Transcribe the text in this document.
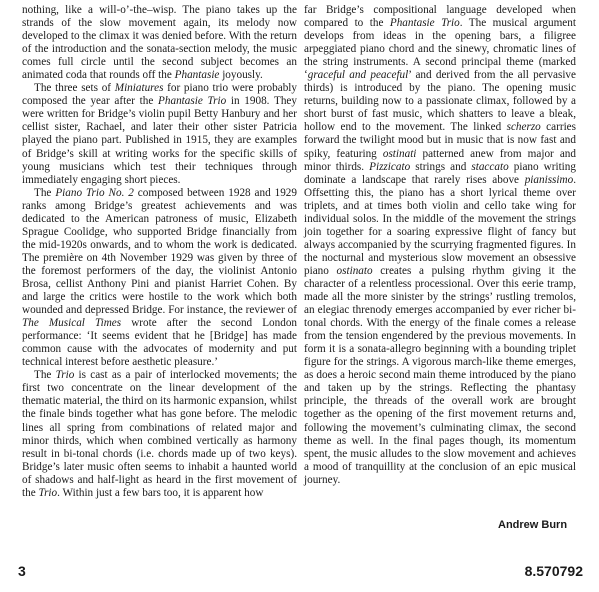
nothing, like a will-o’-the–wisp. The piano takes up the strands of the slow movement again, its melody now developed to the climax it was denied before. With the return of the introduction and the sonata-section melody, the music comes full circle until the second subject becomes an animated coda that rounds off the Phantasie joyously.

The three sets of Miniatures for piano trio were probably composed the year after the Phantasie Trio in 1908. They were written for Bridge’s violin pupil Betty Hanbury and her cellist sister, Rachael, and later their other sister Patricia played the piano part. Published in 1915, they are examples of Bridge’s skill at writing works for the specific skills of young musicians which test their techniques through immediately engaging short pieces.

The Piano Trio No. 2 composed between 1928 and 1929 ranks among Bridge’s greatest achievements and was dedicated to the American patroness of music, Elizabeth Sprague Coolidge, who supported Bridge financially from the mid-1920s onwards, and to whom the work is dedicated. The première on 4th November 1929 was given by three of the foremost performers of the day, the violinist Antonio Brosa, cellist Anthony Pini and pianist Harriet Cohen. By and large the critics were hostile to the work which both wounded and depressed Bridge. For instance, the reviewer of The Musical Times wrote after the second London performance: ‘It seems evident that he [Bridge] has made common cause with the advocates of modernity and put technical interest before aesthetic pleasure.’

The Trio is cast as a pair of interlocked movements; the first two concentrate on the linear development of the thematic material, the third on its harmonic expansion, whilst the finale binds together what has gone before. The melodic lines all spring from combinations of related major and minor thirds, which when combined vertically as harmony result in bi-tonal chords (i.e. chords made up of two keys). Bridge’s later music often seems to inhabit a haunted world of shadows and half-light as heard in the first movement of the Trio. Within just a few bars too, it is apparent how

far Bridge’s compositional language developed when compared to the Phantasie Trio. The musical argument develops from ideas in the opening bars, a filigree arpeggiated piano chord and the sinewy, chromatic lines of the string instruments. A second principal theme (marked ‘graceful and peaceful’ and derived from the all pervasive thirds) is introduced by the piano. The opening music returns, building now to a passionate climax, followed by a short burst of fast music, which shatters to leave a bleak, hollow end to the movement. The linked scherzo carries forward the twilight mood but in music that is now fast and spiky, featuring ostinati patterned anew from major and minor thirds. Pizzicato strings and staccato piano writing dominate a landscape that rarely rises above pianissimo. Offsetting this, the piano has a short lyrical theme over triplets, and at times both violin and cello take wing for individual solos. In the middle of the movement the strings join together for a soaring expressive flight of fancy but always accompanied by the scurrying fragmented figures. In the nocturnal and mysterious slow movement an obsessive piano ostinato creates a pulsing rhythm giving it the character of a relentless processional. Over this eerie tramp, made all the more sinister by the strings’ rustling tremolos, an elegiac threnody emerges accompanied by ever richer bi-tonal chords. With the energy of the finale comes a release from the tension engendered by the previous movements. In form it is a sonata-allegro beginning with a bounding triplet figure for the strings. A vigorous march-like theme emerges, as does a heroic second main theme introduced by the piano and taken up by the strings. Reflecting the phantasy principle, the threads of the overall work are brought together as the opening of the first movement returns and, following the movement’s culminating climax, the second theme as well. In the final pages though, its momentum spent, the music alludes to the slow movement and achieves a mood of tranquillity at the conclusion of an epic musical journey.

Andrew Burn
3	8.570792
